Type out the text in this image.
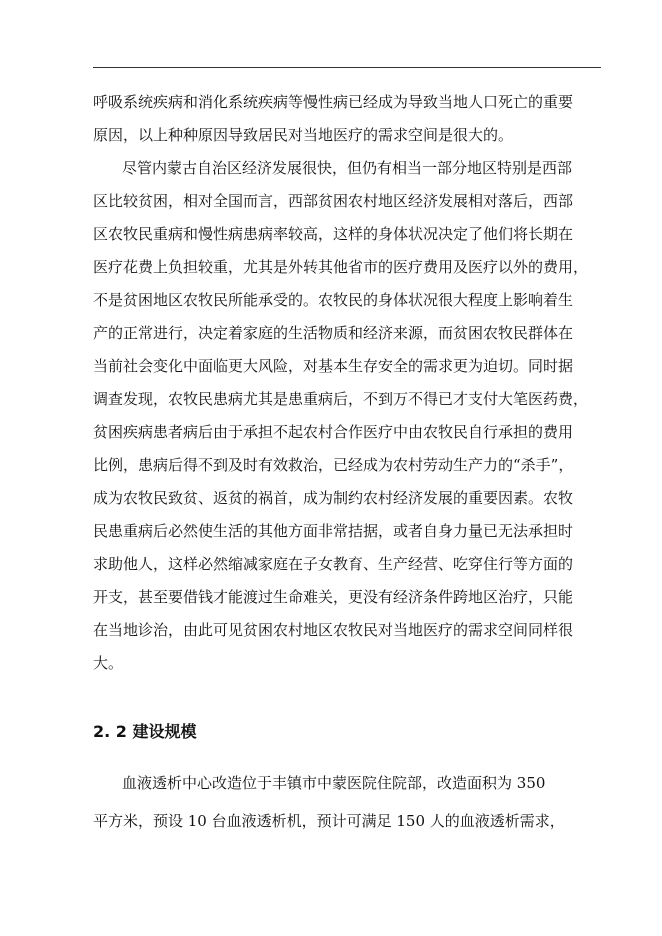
呼吸系统疾病和消化系统疾病等慢性病已经成为导致当地人口死亡的重要
原因，以上种种原因导致居民对当地医疗的需求空间是很大的。
尽管内蒙古自治区经济发展很快，但仍有相当一部分地区特别是西部
区比较贫困，相对全国而言，西部贫困农村地区经济发展相对落后，西部
区农牧民重病和慢性病患病率较高，这样的身体状况决定了他们将长期在
医疗花费上负担较重，尤其是外转其他省市的医疗费用及医疗以外的费用，
不是贫困地区农牧民所能承受的。农牧民的身体状况很大程度上影响着生
产的正常进行，决定着家庭的生活物质和经济来源，而贫困农牧民群体在
当前社会变化中面临更大风险，对基本生存安全的需求更为迫切。同时据
调查发现，农牧民患病尤其是患重病后，不到万不得已才支付大笔医药费，
贫困疾病患者病后由于承担不起农村合作医疗中由农牧民自行承担的费用
比例，患病后得不到及时有效救治，已经成为农村劳动生产力的“杀手”，
成为农牧民致贫、返贫的祸首，成为制约农村经济发展的重要因素。农牧
民患重病后必然使生活的其他方面非常拮据，或者自身力量已无法承担时
求助他人，这样必然缩减家庭在子女教育、生产经营、吃穿住行等方面的
开支，甚至要借钱才能渡过生命难关，更没有经济条件跨地区治疗，只能
在当地诊治，由此可见贫困农村地区农牧民对当地医疗的需求空间同样很
大。
2. 2 建设规模
血液透析中心改造位于丰镇市中蒙医院住院部，改造面积为 350
平方米，预设 10 台血液透析机，预计可满足 150 人的血液透析需求，
